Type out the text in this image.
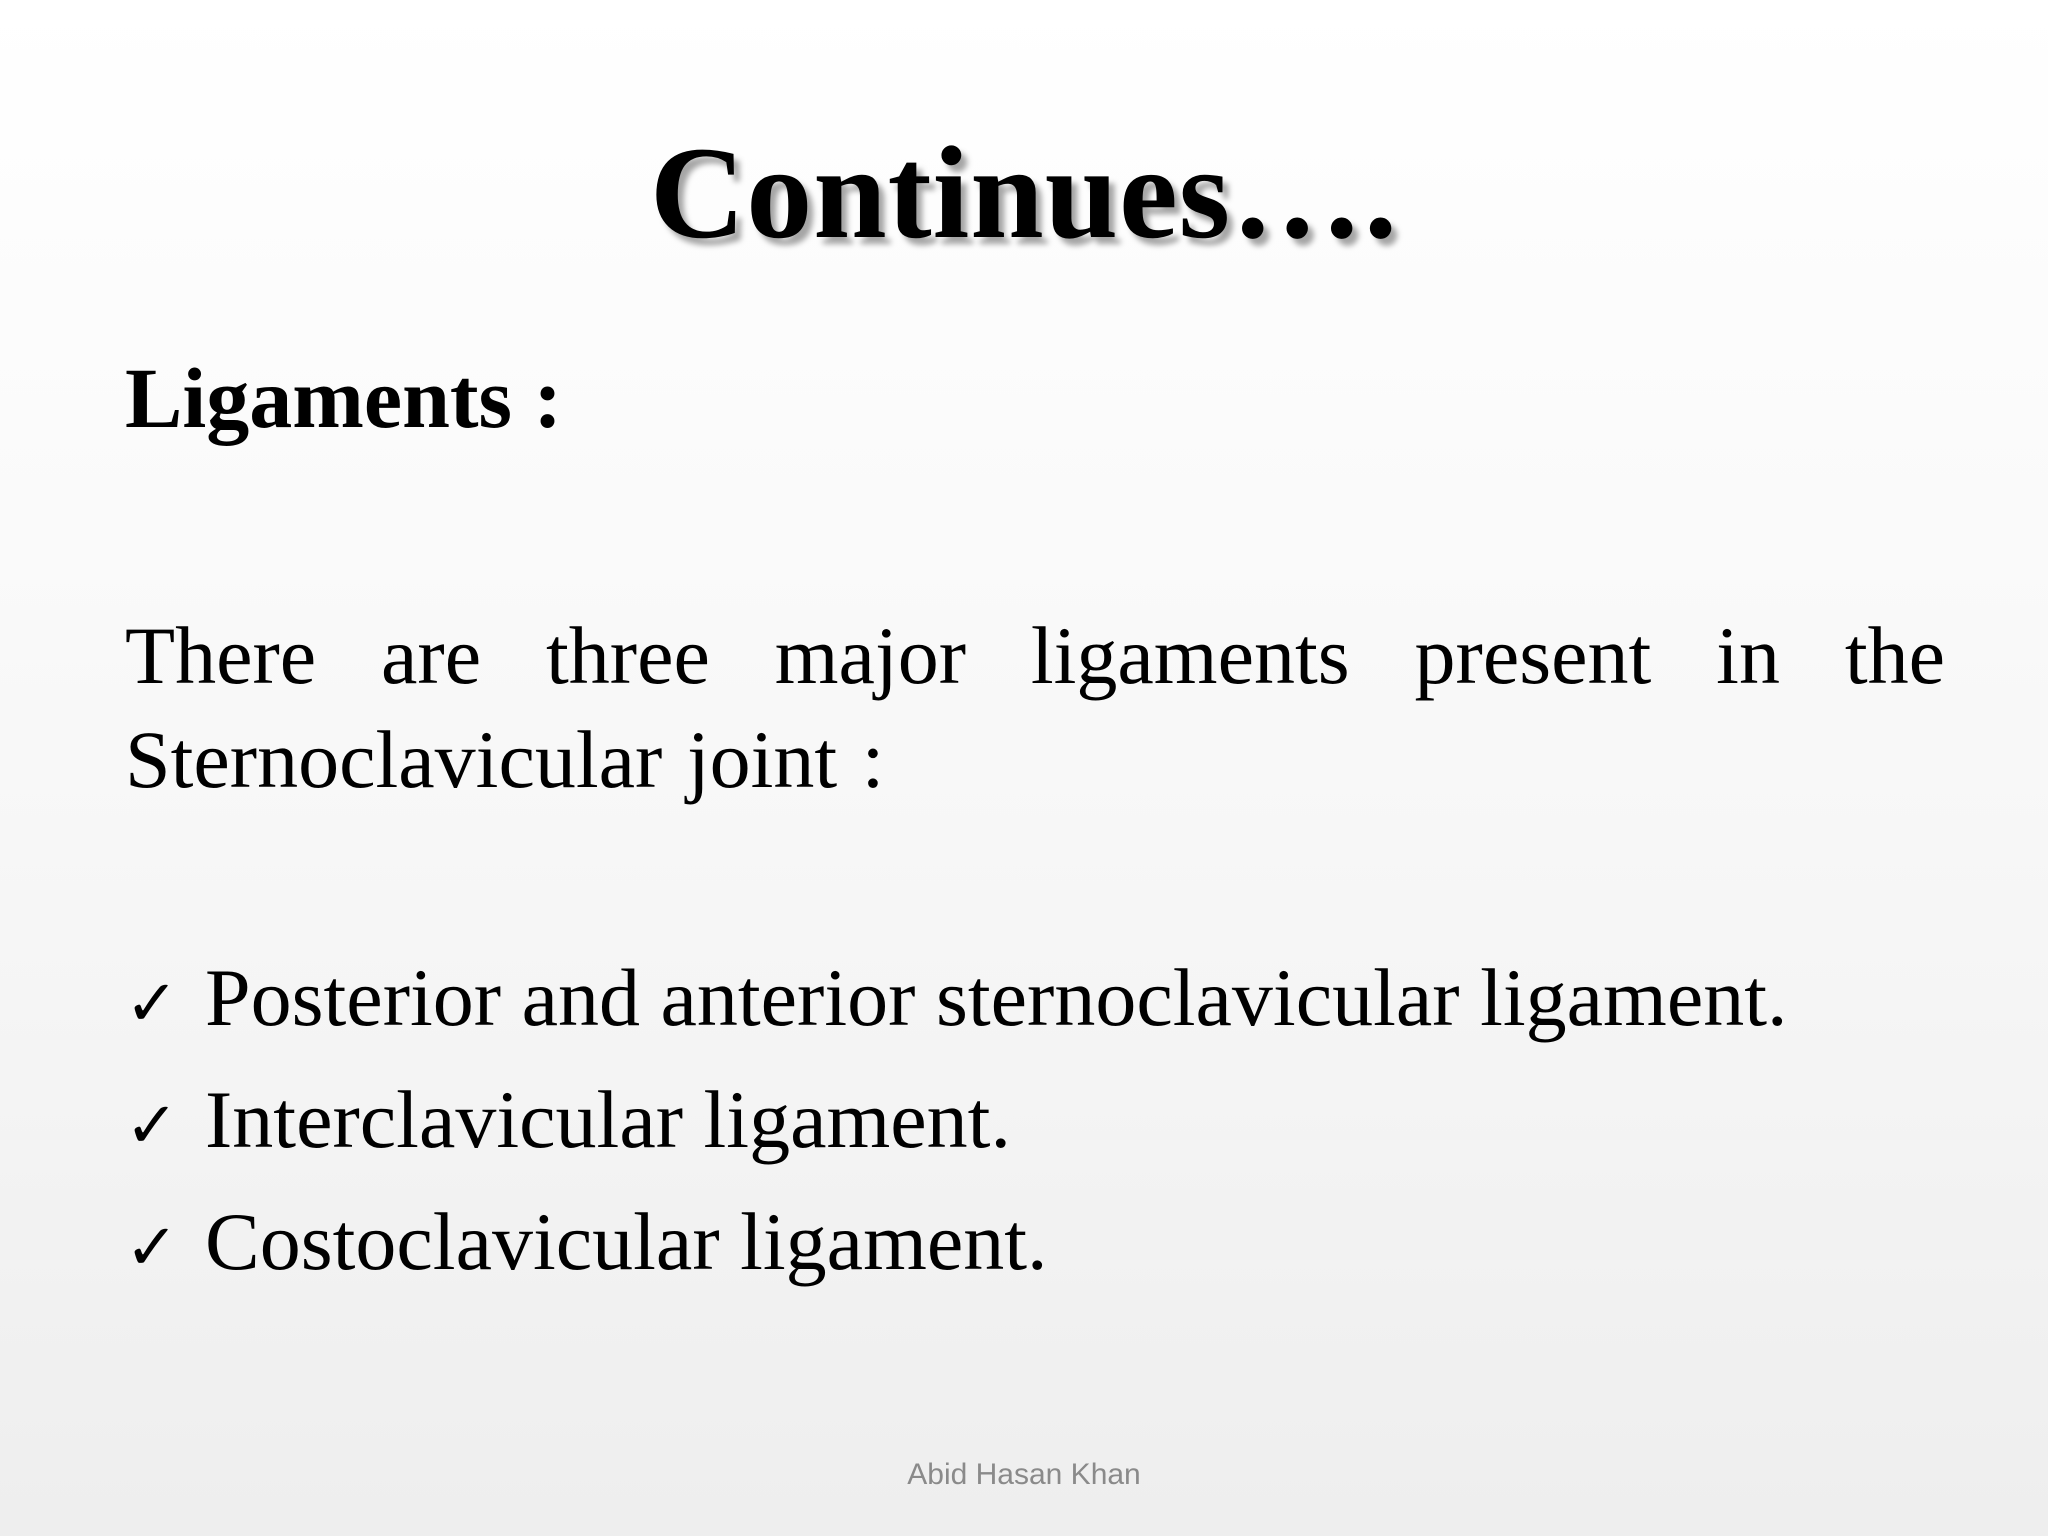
Continues….
Ligaments :
There are three major ligaments present in the Sternoclavicular joint :
✓ Posterior and anterior sternoclavicular ligament.
✓ Interclavicular ligament.
✓ Costoclavicular ligament.
Abid Hasan Khan
